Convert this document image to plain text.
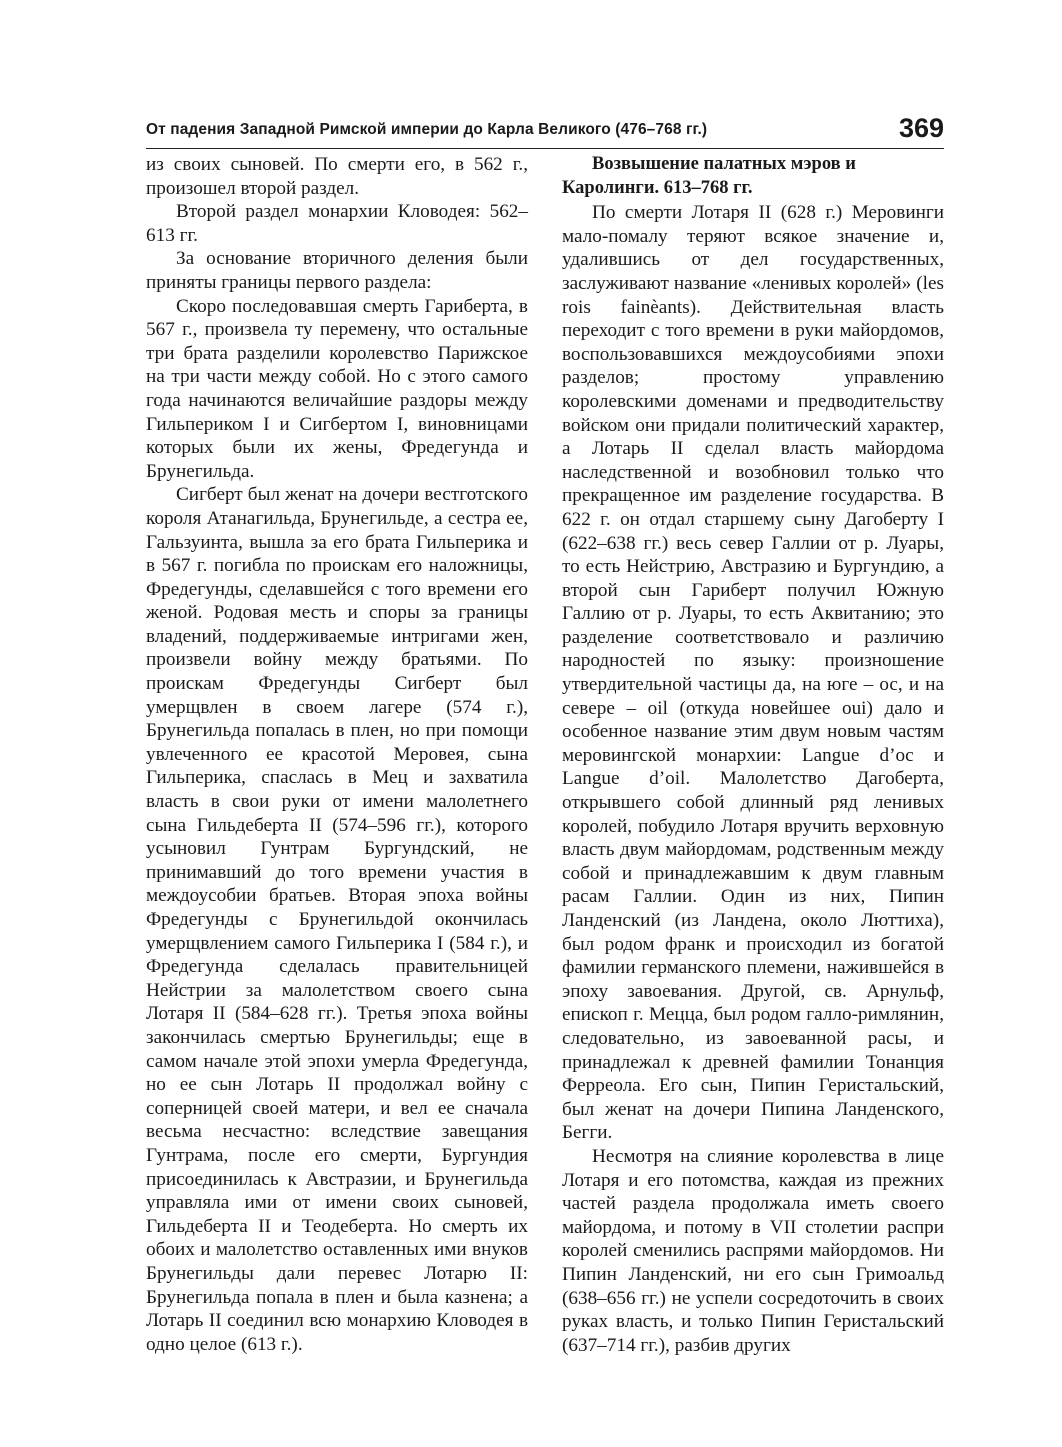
От падения Западной Римской империи до Карла Великого (476–768 гг.)	369

из своих сыновей. По смерти его, в 562 г., произошел второй раздел.

Второй раздел монархии Кловодея: 562–613 гг.

За основание вторичного деления были приняты границы первого раздела:

Скоро последовавшая смерть Гариберта, в 567 г., произвела ту перемену, что остальные три брата разделили королевство Парижское на три части между собой. Но с этого самого года начинаются величайшие раздоры между Гильпериком I и Сигбертом I, виновницами которых были их жены, Фредегунда и Брунегильда.

Сигберт был женат на дочери вестготского короля Атанагильда, Брунегильде, а сестра ее, Гальзуинта, вышла за его брата Гильперика и в 567 г. погибла по проискам его наложницы, Фредегунды, сделавшейся с того времени его женой. Родовая месть и споры за границы владений, поддерживаемые интригами жен, произвели войну между братьями. По проискам Фредегунды Сигберт был умерщвлен в своем лагере (574 г.), Брунегильда попалась в плен, но при помощи увлеченного ее красотой Меровея, сына Гильперика, спаслась в Мец и захватила власть в свои руки от имени малолетнего сына Гильдеберта II (574–596 гг.), которого усыновил Гунтрам Бургундский, не принимавший до того времени участия в междоусобии братьев. Вторая эпоха войны Фредегунды с Брунегильдой окончилась умерщвлением самого Гильперика I (584 г.), и Фредегунда сделалась правительницей Нейстрии за малолетством своего сына Лотаря II (584–628 гг.). Третья эпоха войны закончилась смертью Брунегильды; еще в самом начале этой эпохи умерла Фредегунда, но ее сын Лотарь II продолжал войну с соперницей своей матери, и вел ее сначала весьма несчастно: вследствие завещания Гунтрама, после его смерти, Бургундия присоединилась к Австразии, и Брунегильда управляла ими от имени своих сыновей, Гильдеберта II и Теодеберта. Но смерть их обоих и малолетство оставленных ими внуков Брунегильды дали перевес Лотарю II: Брунегильда попала в плен и была казнена; а Лотарь II соединил всю монархию Кловодея в одно целое (613 г.).

Возвышение палатных мэров и Каролинги. 613–768 гг.

По смерти Лотаря II (628 г.) Меровинги мало-помалу теряют всякое значение и, удалившись от дел государственных, заслуживают название «ленивых королей» (les rois fainèants). Действительная власть переходит с того времени в руки майордомов, воспользовавшихся междоусобиями эпохи разделов; простому управлению королевскими доменами и предводительству войском они придали политический характер, а Лотарь II сделал власть майордома наследственной и возобновил только что прекращенное им разделение государства. В 622 г. он отдал старшему сыну Дагоберту I (622–638 гг.) весь север Галлии от р. Луары, то есть Нейстрию, Австразию и Бургундию, а второй сын Гариберт получил Южную Галлию от р. Луары, то есть Аквитанию; это разделение соответствовало и различию народностей по языку: произношение утвердительной частицы да, на юге – ос, и на севере – oil (откуда новейшее oui) дало и особенное название этим двум новым частям меровингской монархии: Langue d’oc и Langue d’oil. Малолетство Дагоберта, открывшего собой длинный ряд ленивых королей, побудило Лотаря вручить верховную власть двум майордомам, родственным между собой и принадлежавшим к двум главным расам Галлии. Один из них, Пипин Ланденский (из Ландена, около Люттиха), был родом франк и происходил из богатой фамилии германского племени, нажившейся в эпоху завоевания. Другой, св. Арнульф, епископ г. Мецца, был родом галло-римлянин, следовательно, из завоеванной расы, и принадлежал к древней фамилии Тонанция Ферреола. Его сын, Пипин Геристальский, был женат на дочери Пипина Ланденского, Бегги.

Несмотря на слияние королевства в лице Лотаря и его потомства, каждая из прежних частей раздела продолжала иметь своего майордома, и потому в VII столетии распри королей сменились распрями майордомов. Ни Пипин Ланденский, ни его сын Гримоальд (638–656 гг.) не успели сосредоточить в своих руках власть, и только Пипин Геристальский (637–714 гг.), разбив других
